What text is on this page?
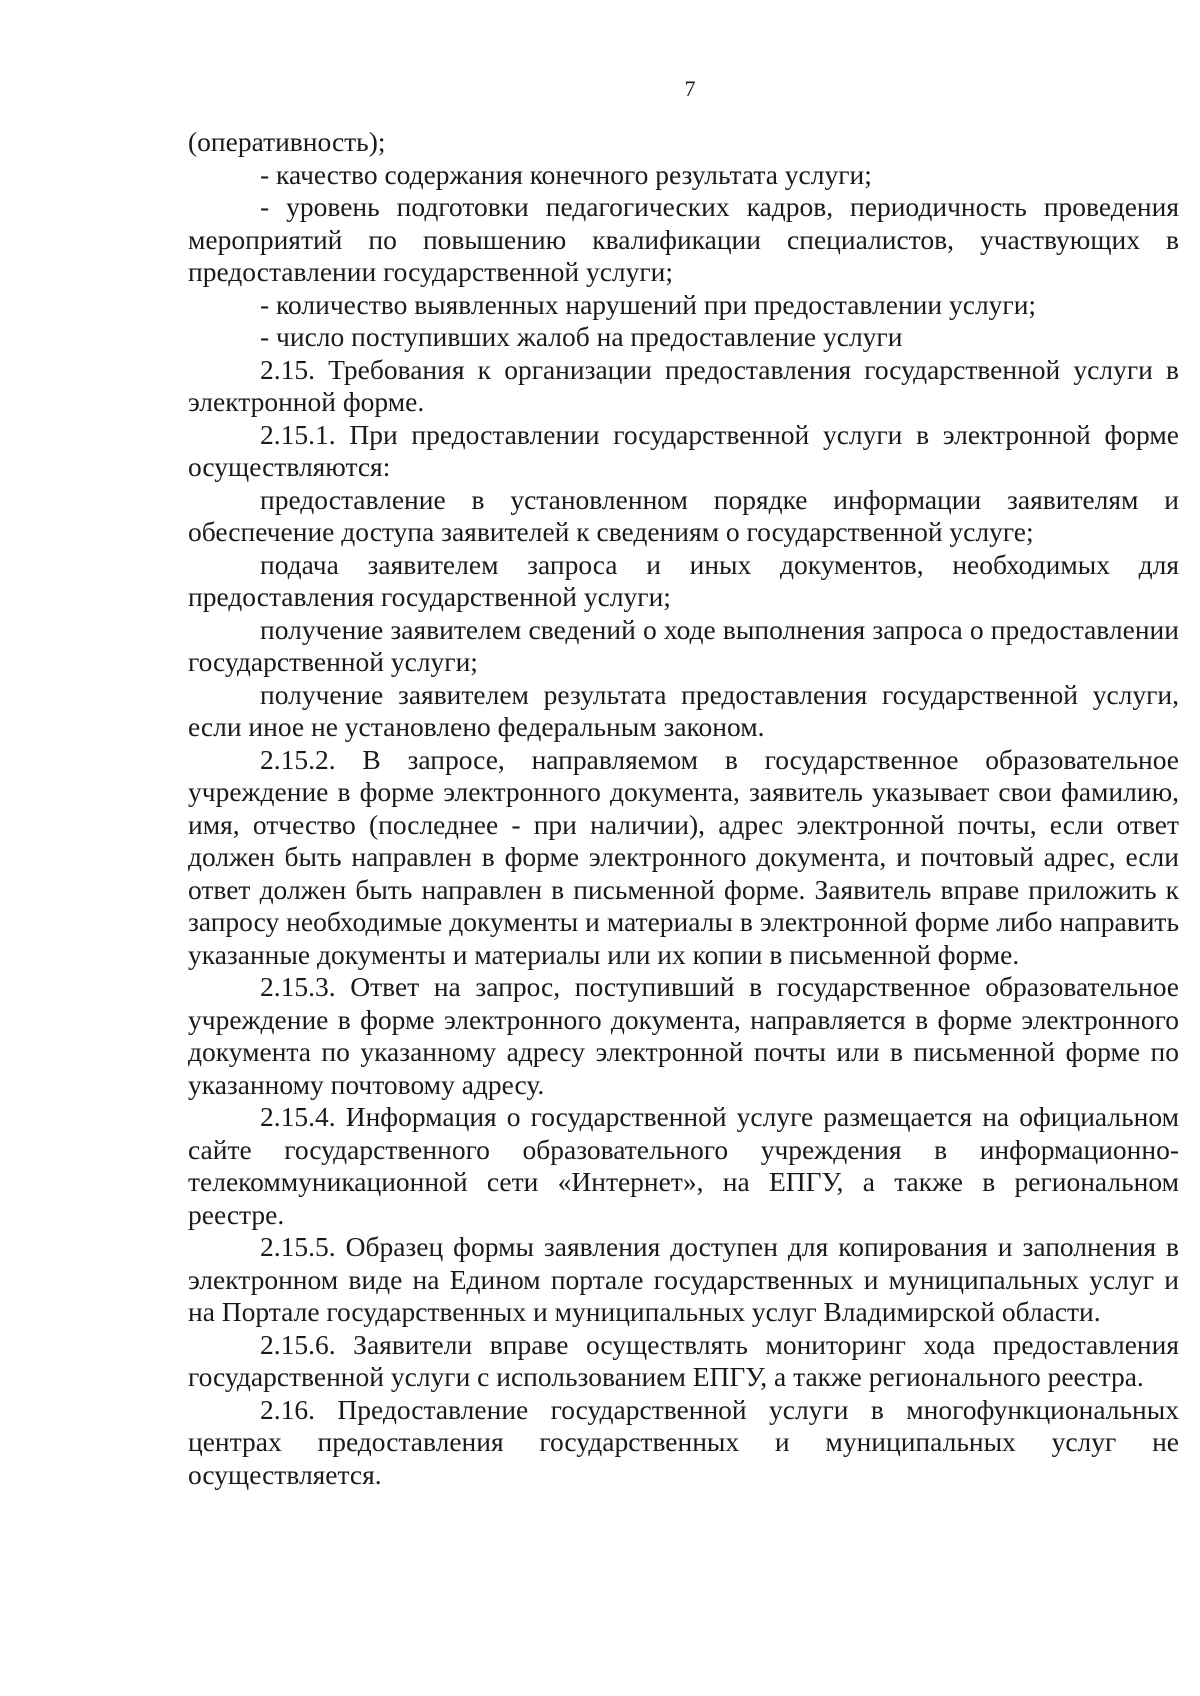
7

(оперативность);

- качество содержания конечного результата услуги;

- уровень подготовки педагогических кадров, периодичность проведения мероприятий по повышению квалификации специалистов, участвующих в предоставлении государственной услуги;

- количество выявленных нарушений при предоставлении услуги;

- число поступивших жалоб на предоставление услуги

2.15. Требования к организации предоставления государственной услуги в электронной форме.

2.15.1. При предоставлении государственной услуги в электронной форме осуществляются:

предоставление в установленном порядке информации заявителям и обеспечение доступа заявителей к сведениям о государственной услуге;

подача заявителем запроса и иных документов, необходимых для предоставления государственной услуги;

получение заявителем сведений о ходе выполнения запроса о предоставлении государственной услуги;

получение заявителем результата предоставления государственной услуги, если иное не установлено федеральным законом.

2.15.2. В запросе, направляемом в государственное образовательное учреждение в форме электронного документа, заявитель указывает свои фамилию, имя, отчество (последнее - при наличии), адрес электронной почты, если ответ должен быть направлен в форме электронного документа, и почтовый адрес, если ответ должен быть направлен в письменной форме. Заявитель вправе приложить к запросу необходимые документы и материалы в электронной форме либо направить указанные документы и материалы или их копии в письменной форме.

2.15.3. Ответ на запрос, поступивший в государственное образовательное учреждение в форме электронного документа, направляется в форме электронного документа по указанному адресу электронной почты или в письменной форме по указанному почтовому адресу.

2.15.4. Информация о государственной услуге размещается на официальном сайте государственного образовательного учреждения в информационно-телекоммуникационной сети «Интернет», на ЕПГУ, а также в региональном реестре.

2.15.5. Образец формы заявления доступен для копирования и заполнения в электронном виде на Едином портале государственных и муниципальных услуг и на Портале государственных и муниципальных услуг Владимирской области.

2.15.6. Заявители вправе осуществлять мониторинг хода предоставления государственной услуги с использованием ЕПГУ, а также регионального реестра.

2.16. Предоставление государственной услуги в многофункциональных центрах предоставления государственных и муниципальных услуг не осуществляется.
